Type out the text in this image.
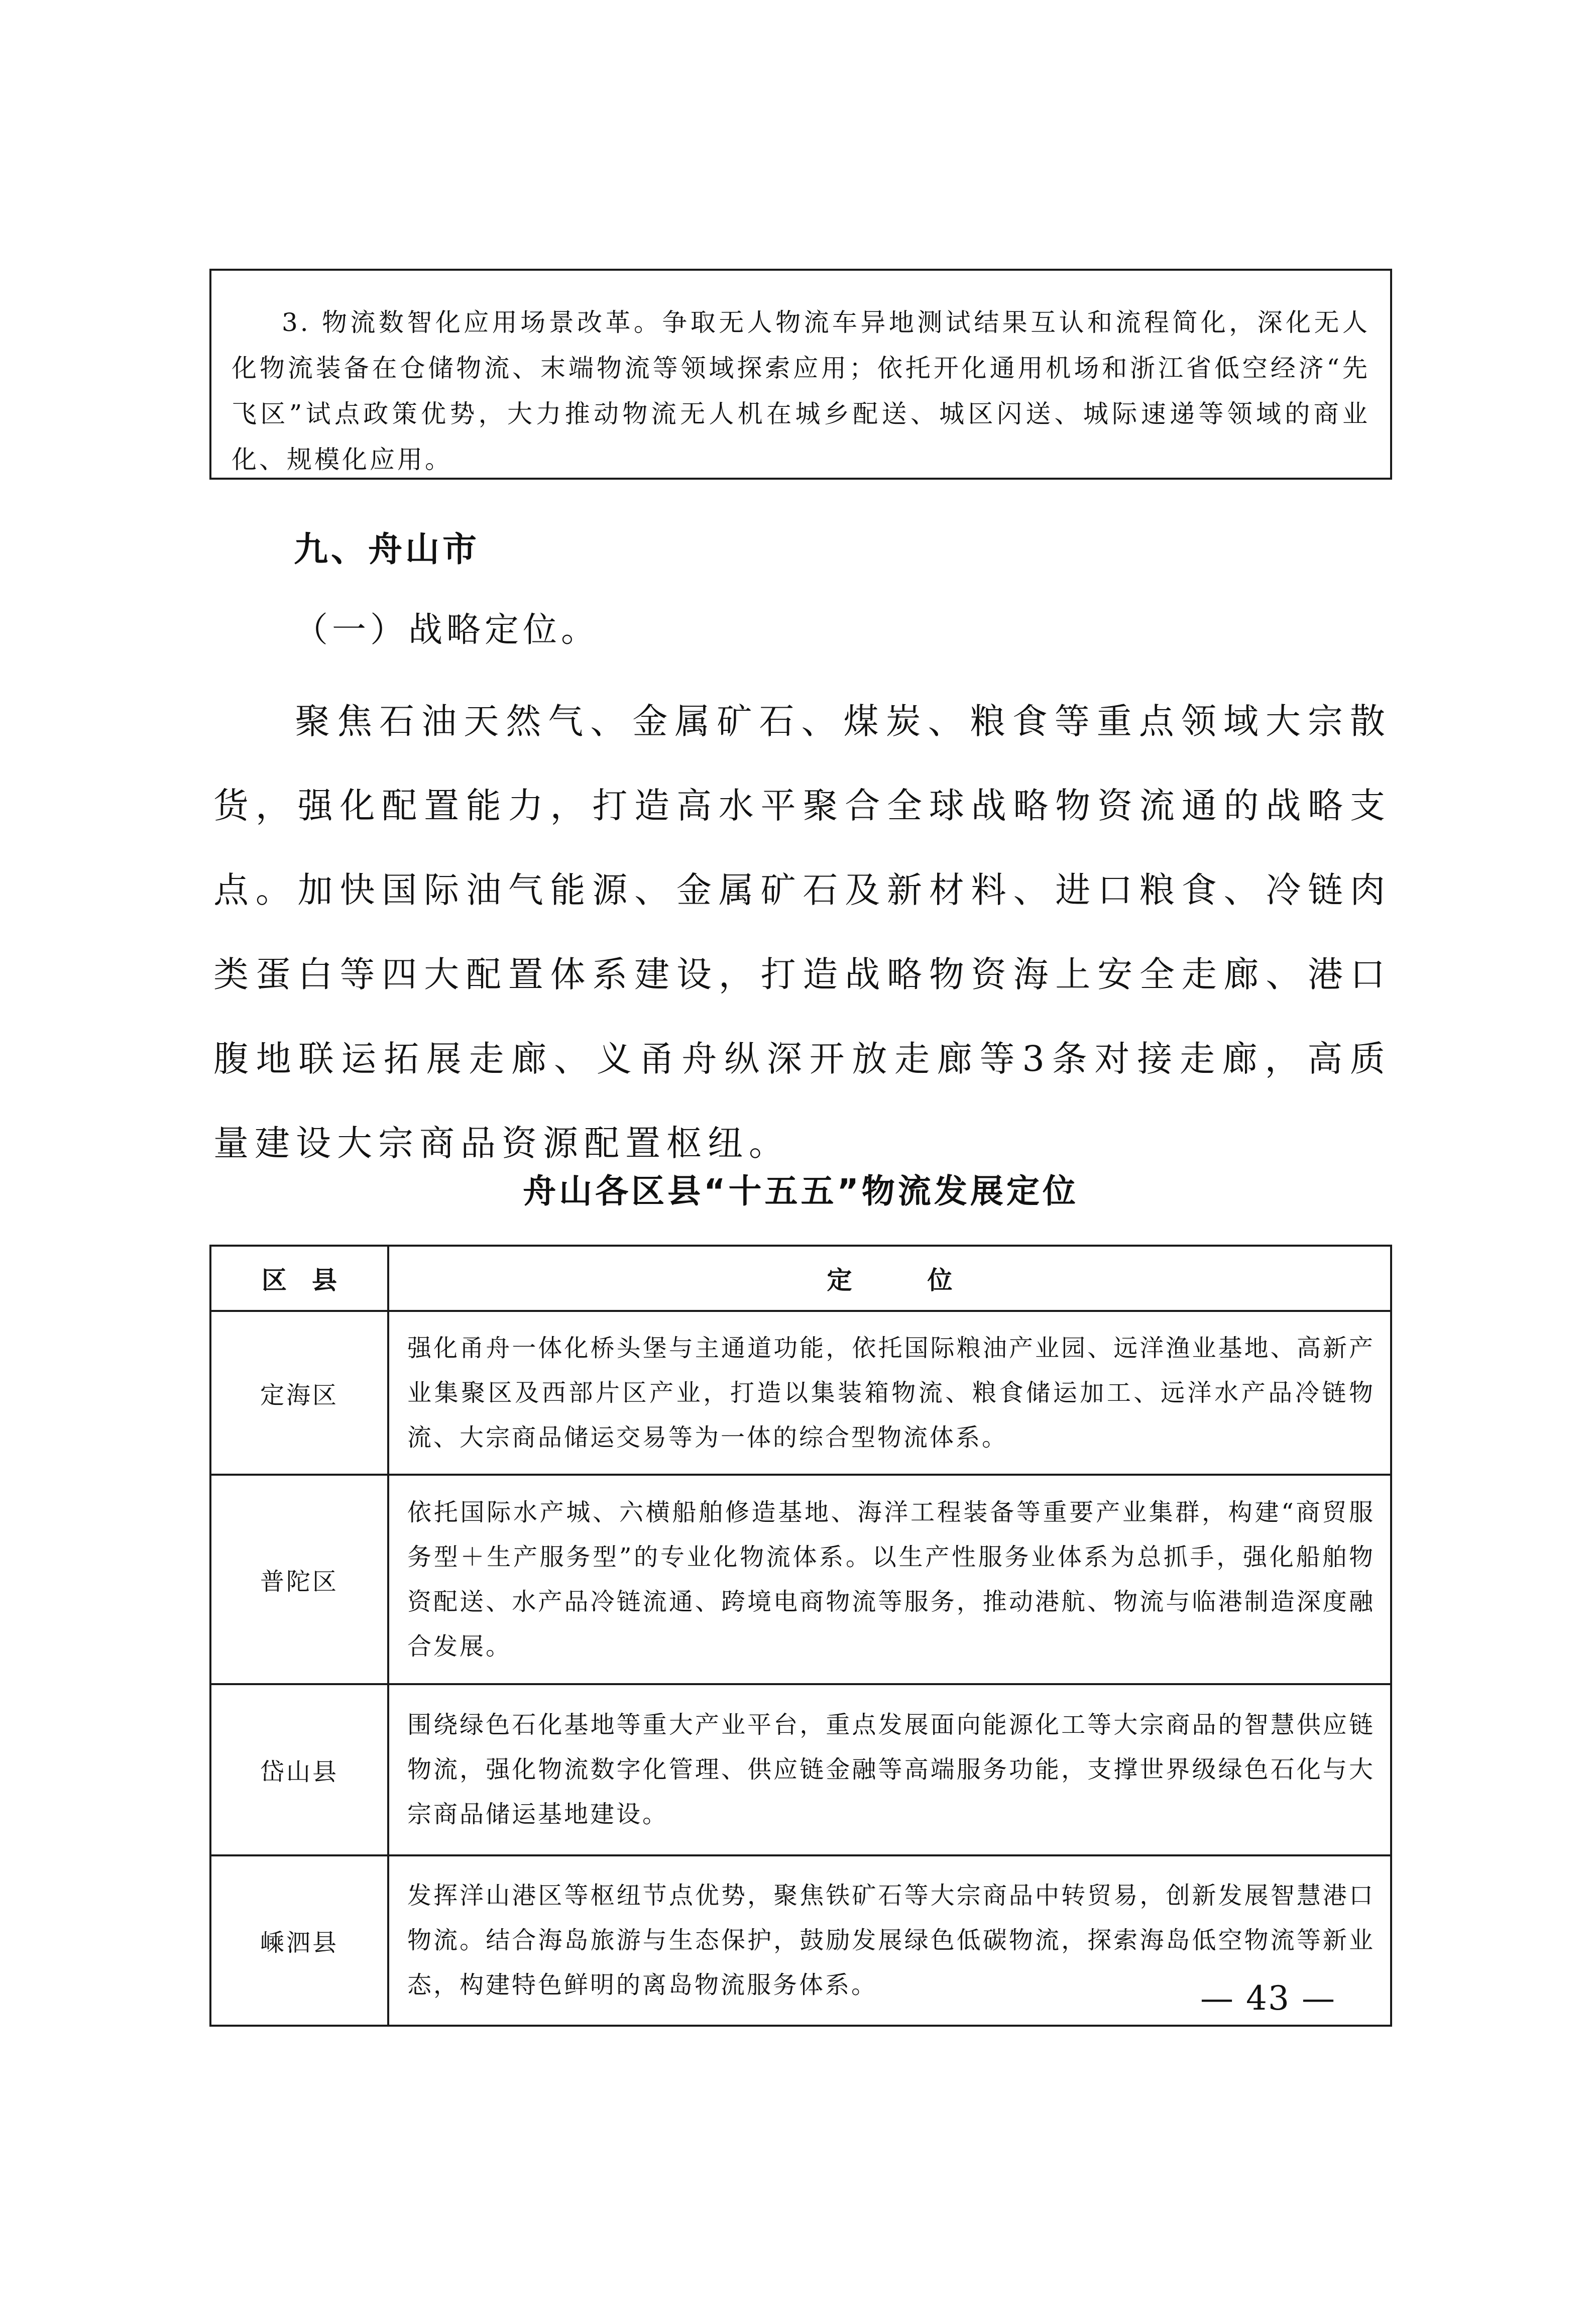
3. 物流数智化应用场景改革。争取无人物流车异地测试结果互认和流程简化，深化无人化物流装备在仓储物流、末端物流等领域探索应用；依托开化通用机场和浙江省低空经济“先飞区”试点政策优势，大力推动物流无人机在城乡配送、城区闪送、城际速递等领域的商业化、规模化应用。
九、舟山市
（一）战略定位。
聚焦石油天然气、金属矿石、煤炭、粮食等重点领域大宗散货，强化配置能力，打造高水平聚合全球战略物资流通的战略支点。加快国际油气能源、金属矿石及新材料、进口粮食、冷链肉类蛋白等四大配置体系建设，打造战略物资海上安全走廊、港口腹地联运拓展走廊、义甬舟纵深开放走廊等3条对接走廊，高质量建设大宗商品资源配置枢纽。
舟山各区县“十五五”物流发展定位
区　县	定　　　位
定海区	强化甬舟一体化桥头堡与主通道功能，依托国际粮油产业园、远洋渔业基地、高新产业集聚区及西部片区产业，打造以集装箱物流、粮食储运加工、远洋水产品冷链物流、大宗商品储运交易等为一体的综合型物流体系。
普陀区	依托国际水产城、六横船舶修造基地、海洋工程装备等重要产业集群，构建“商贸服务型＋生产服务型”的专业化物流体系。以生产性服务业体系为总抓手，强化船舶物资配送、水产品冷链流通、跨境电商物流等服务，推动港航、物流与临港制造深度融合发展。
岱山县	围绕绿色石化基地等重大产业平台，重点发展面向能源化工等大宗商品的智慧供应链物流，强化物流数字化管理、供应链金融等高端服务功能，支撑世界级绿色石化与大宗商品储运基地建设。
嵊泗县	发挥洋山港区等枢纽节点优势，聚焦铁矿石等大宗商品中转贸易，创新发展智慧港口物流。结合海岛旅游与生态保护，鼓励发展绿色低碳物流，探索海岛低空物流等新业态，构建特色鲜明的离岛物流服务体系。	— 43 —
